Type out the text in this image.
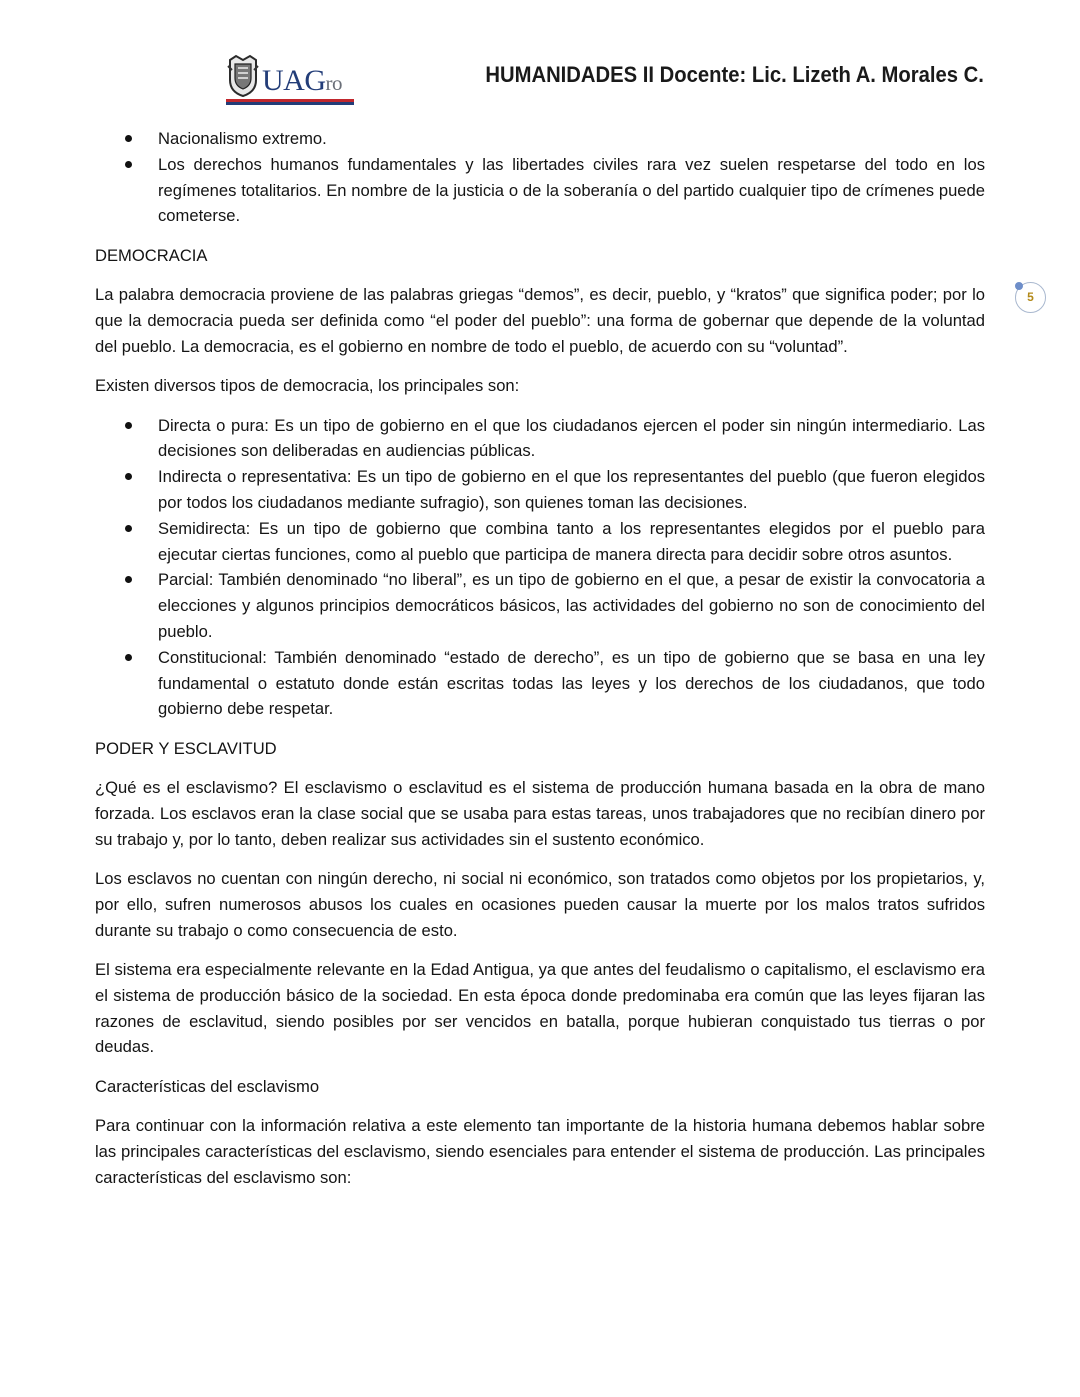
UAGro	HUMANIDADES II Docente: Lic. Lizeth A. Morales C.
5
Nacionalismo extremo.
Los derechos humanos fundamentales y las libertades civiles rara vez suelen respetarse del todo en los regímenes totalitarios. En nombre de la justicia o de la soberanía o del partido cualquier tipo de crímenes puede cometerse.

DEMOCRACIA

La palabra democracia proviene de las palabras griegas “demos”, es decir, pueblo, y “kratos” que significa poder; por lo que la democracia pueda ser definida como “el poder del pueblo”: una forma de gobernar que depende de la voluntad del pueblo. La democracia, es el gobierno en nombre de todo el pueblo, de acuerdo con su “voluntad”.

Existen diversos tipos de democracia, los principales son:

Directa o pura: Es un tipo de gobierno en el que los ciudadanos ejercen el poder sin ningún intermediario. Las decisiones son deliberadas en audiencias públicas.
Indirecta o representativa: Es un tipo de gobierno en el que los representantes del pueblo (que fueron elegidos por todos los ciudadanos mediante sufragio), son quienes toman las decisiones.
Semidirecta: Es un tipo de gobierno que combina tanto a los representantes elegidos por el pueblo para ejecutar ciertas funciones, como al pueblo que participa de manera directa para decidir sobre otros asuntos.
Parcial: También denominado “no liberal”, es un tipo de gobierno en el que, a pesar de existir la convocatoria a elecciones y algunos principios democráticos básicos, las actividades del gobierno no son de conocimiento del pueblo.
Constitucional: También denominado “estado de derecho”, es un tipo de gobierno que se basa en una ley fundamental o estatuto donde están escritas todas las leyes y los derechos de los ciudadanos, que todo gobierno debe respetar.

PODER Y ESCLAVITUD

¿Qué es el esclavismo? El esclavismo o esclavitud es el sistema de producción humana basada en la obra de mano forzada. Los esclavos eran la clase social que se usaba para estas tareas, unos trabajadores que no recibían dinero por su trabajo y, por lo tanto, deben realizar sus actividades sin el sustento económico.

Los esclavos no cuentan con ningún derecho, ni social ni económico, son tratados como objetos por los propietarios, y, por ello, sufren numerosos abusos los cuales en ocasiones pueden causar la muerte por los malos tratos sufridos durante su trabajo o como consecuencia de esto.

El sistema era especialmente relevante en la Edad Antigua, ya que antes del feudalismo o capitalismo, el esclavismo era el sistema de producción básico de la sociedad. En esta época donde predominaba era común que las leyes fijaran las razones de esclavitud, siendo posibles por ser vencidos en batalla, porque hubieran conquistado tus tierras o por deudas.

Características del esclavismo

Para continuar con la información relativa a este elemento tan importante de la historia humana debemos hablar sobre las principales características del esclavismo, siendo esenciales para entender el sistema de producción. Las principales características del esclavismo son:
